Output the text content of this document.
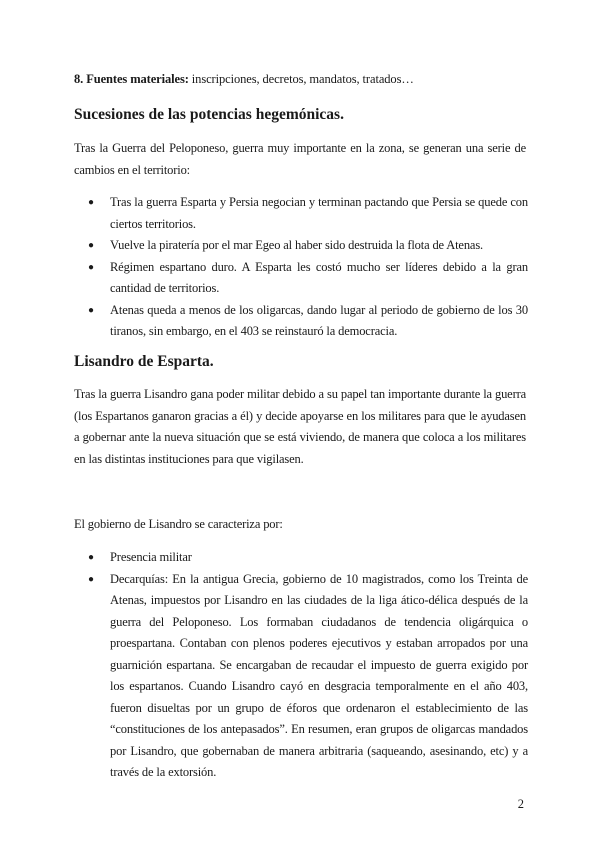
8. Fuentes materiales: inscripciones, decretos, mandatos, tratados…
Sucesiones de las potencias hegemónicas.

Tras la Guerra del Peloponeso, guerra muy importante en la zona, se generan una serie de cambios en el territorio:

● Tras la guerra Esparta y Persia negocian y terminan pactando que Persia se quede con ciertos territorios.
● Vuelve la piratería por el mar Egeo al haber sido destruida la flota de Atenas.
● Régimen espartano duro. A Esparta les costó mucho ser líderes debido a la gran cantidad de territorios.
● Atenas queda a menos de los oligarcas, dando lugar al periodo de gobierno de los 30 tiranos, sin embargo, en el 403 se reinstauró la democracia.
Lisandro de Esparta.

Tras la guerra Lisandro gana poder militar debido a su papel tan importante durante la guerra (los Espartanos ganaron gracias a él) y decide apoyarse en los militares para que le ayudasen a gobernar ante la nueva situación que se está viviendo, de manera que coloca a los militares en las distintas instituciones para que vigilasen.

El gobierno de Lisandro se caracteriza por:

● Presencia militar
● Decarquías: En la antigua Grecia, gobierno de 10 magistrados, como los Treinta de Atenas, impuestos por Lisandro en las ciudades de la liga ático-délica después de la guerra del Peloponeso. Los formaban ciudadanos de tendencia oligárquica o proespartana. Contaban con plenos poderes ejecutivos y estaban arropados por una guarnición espartana. Se encargaban de recaudar el impuesto de guerra exigido por los espartanos. Cuando Lisandro cayó en desgracia temporalmente en el año 403, fueron disueltas por un grupo de éforos que ordenaron el establecimiento de las “constituciones de los antepasados”. En resumen, eran grupos de oligarcas mandados por Lisandro, que gobernaban de manera arbitraria (saqueando, asesinando, etc) y a través de la extorsión.
2
